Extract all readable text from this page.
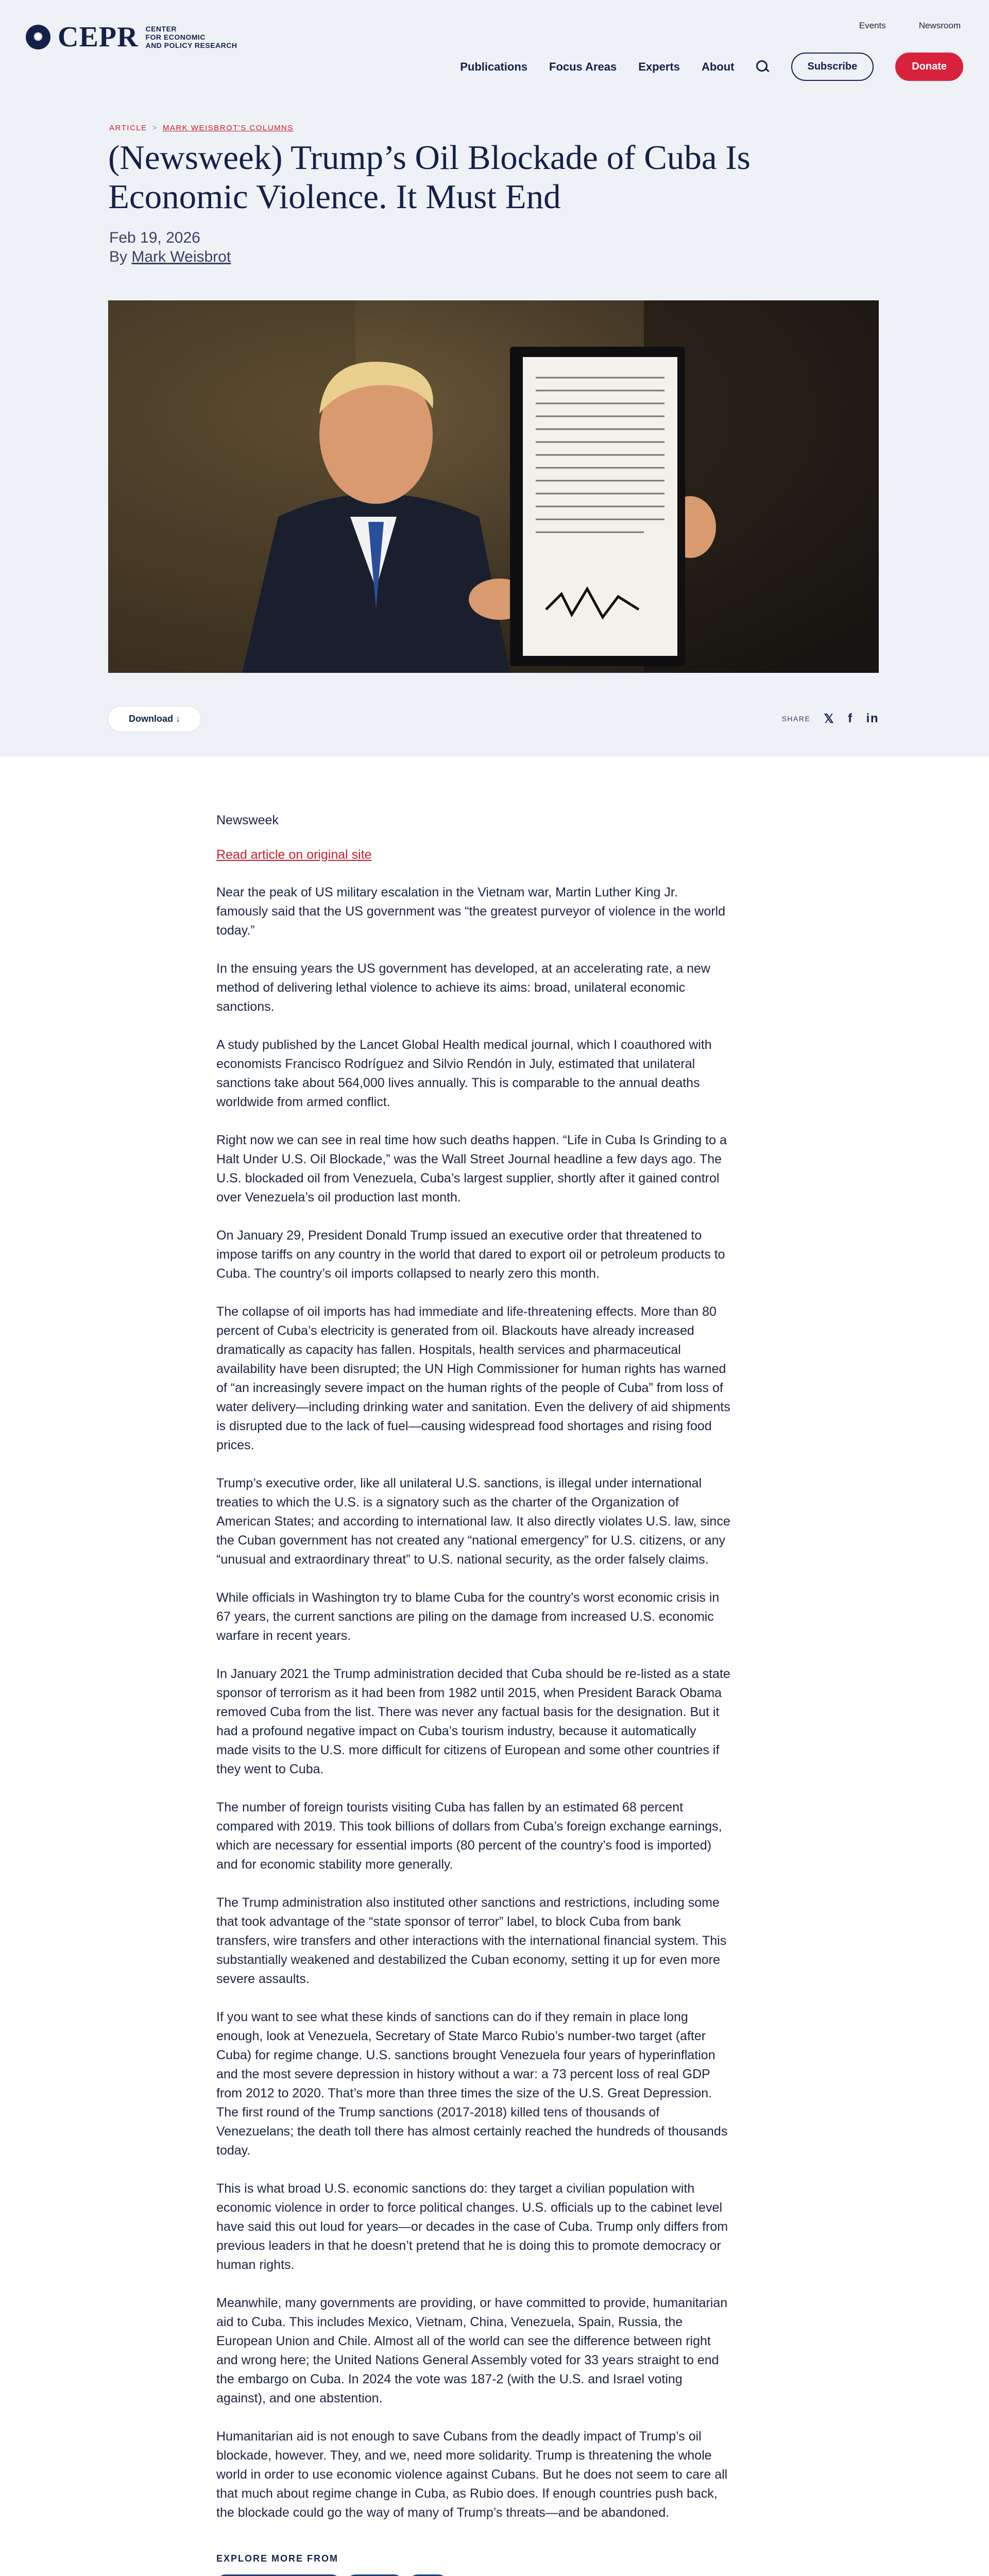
Events	Newsroom
✺ CEPR CENTER
FOR ECONOMIC
AND POLICY RESEARCH
Publications Focus Areas Experts About	Subscribe	Donate
ARTICLE > MARK WEISBROT'S COLUMNS
(Newsweek) Trump’s Oil Blockade of Cuba Is Economic Violence. It Must End
Feb 19, 2026
By Mark Weisbrot
Download ↓	SHARE 𝕏 f in
Newsweek
Read article on original site

Near the peak of US military escalation in the Vietnam war, Martin Luther King Jr. famously said that the US government was “the greatest purveyor of violence in the world today.”

In the ensuing years the US government has developed, at an accelerating rate, a new method of delivering lethal violence to achieve its aims: broad, unilateral economic sanctions.

A study published by the Lancet Global Health medical journal, which I coauthored with economists Francisco Rodríguez and Silvio Rendón in July, estimated that unilateral sanctions take about 564,000 lives annually. This is comparable to the annual deaths worldwide from armed conflict.

Right now we can see in real time how such deaths happen. “Life in Cuba Is Grinding to a Halt Under U.S. Oil Blockade,” was the Wall Street Journal headline a few days ago. The U.S. blockaded oil from Venezuela, Cuba’s largest supplier, shortly after it gained control over Venezuela’s oil production last month.

On January 29, President Donald Trump issued an executive order that threatened to impose tariffs on any country in the world that dared to export oil or petroleum products to Cuba. The country’s oil imports collapsed to nearly zero this month.

The collapse of oil imports has had immediate and life-threatening effects. More than 80 percent of Cuba’s electricity is generated from oil. Blackouts have already increased dramatically as capacity has fallen. Hospitals, health services and pharmaceutical availability have been disrupted; the UN High Commissioner for human rights has warned of “an increasingly severe impact on the human rights of the people of Cuba” from loss of water delivery—including drinking water and sanitation. Even the delivery of aid shipments is disrupted due to the lack of fuel—causing widespread food shortages and rising food prices.

Trump’s executive order, like all unilateral U.S. sanctions, is illegal under international treaties to which the U.S. is a signatory such as the charter of the Organization of American States; and according to international law. It also directly violates U.S. law, since the Cuban government has not created any “national emergency” for U.S. citizens, or any “unusual and extraordinary threat” to U.S. national security, as the order falsely claims.

While officials in Washington try to blame Cuba for the country’s worst economic crisis in 67 years, the current sanctions are piling on the damage from increased U.S. economic warfare in recent years.

In January 2021 the Trump administration decided that Cuba should be re-listed as a state sponsor of terrorism as it had been from 1982 until 2015, when President Barack Obama removed Cuba from the list. There was never any factual basis for the designation. But it had a profound negative impact on Cuba’s tourism industry, because it automatically made visits to the U.S. more difficult for citizens of European and some other countries if they went to Cuba.

The number of foreign tourists visiting Cuba has fallen by an estimated 68 percent compared with 2019. This took billions of dollars from Cuba’s foreign exchange earnings, which are necessary for essential imports (80 percent of the country’s food is imported) and for economic stability more generally.

The Trump administration also instituted other sanctions and restrictions, including some that took advantage of the “state sponsor of terror” label, to block Cuba from bank transfers, wire transfers and other interactions with the international financial system. This substantially weakened and destabilized the Cuban economy, setting it up for even more severe assaults.

If you want to see what these kinds of sanctions can do if they remain in place long enough, look at Venezuela, Secretary of State Marco Rubio’s number-two target (after Cuba) for regime change. U.S. sanctions brought Venezuela four years of hyperinflation and the most severe depression in history without a war: a 73 percent loss of real GDP from 2012 to 2020. That’s more than three times the size of the U.S. Great Depression. The first round of the Trump sanctions (2017-2018) killed tens of thousands of Venezuelans; the death toll there has almost certainly reached the hundreds of thousands today.

This is what broad U.S. economic sanctions do: they target a civilian population with economic violence in order to force political changes. U.S. officials up to the cabinet level have said this out loud for years—or decades in the case of Cuba. Trump only differs from previous leaders in that he doesn’t pretend that he is doing this to promote democracy or human rights.

Meanwhile, many governments are providing, or have committed to provide, humanitarian aid to Cuba. This includes Mexico, Vietnam, China, Venezuela, Spain, Russia, the European Union and Chile. Almost all of the world can see the difference between right and wrong here; the United Nations General Assembly voted for 33 years straight to end the embargo on Cuba. In 2024 the vote was 187-2 (with the U.S. and Israel voting against), and one abstention.

Humanitarian aid is not enough to save Cubans from the deadly impact of Trump’s oil blockade, however. They, and we, need more solidarity. Trump is threatening the whole world in order to use economic violence against Cubans. But he does not seem to care all that much about regime change in Cuba, as Rubio does. If enough countries push back, the blockade could go the way of many of Trump’s threats—and be abandoned.

EXPLORE MORE FROM
